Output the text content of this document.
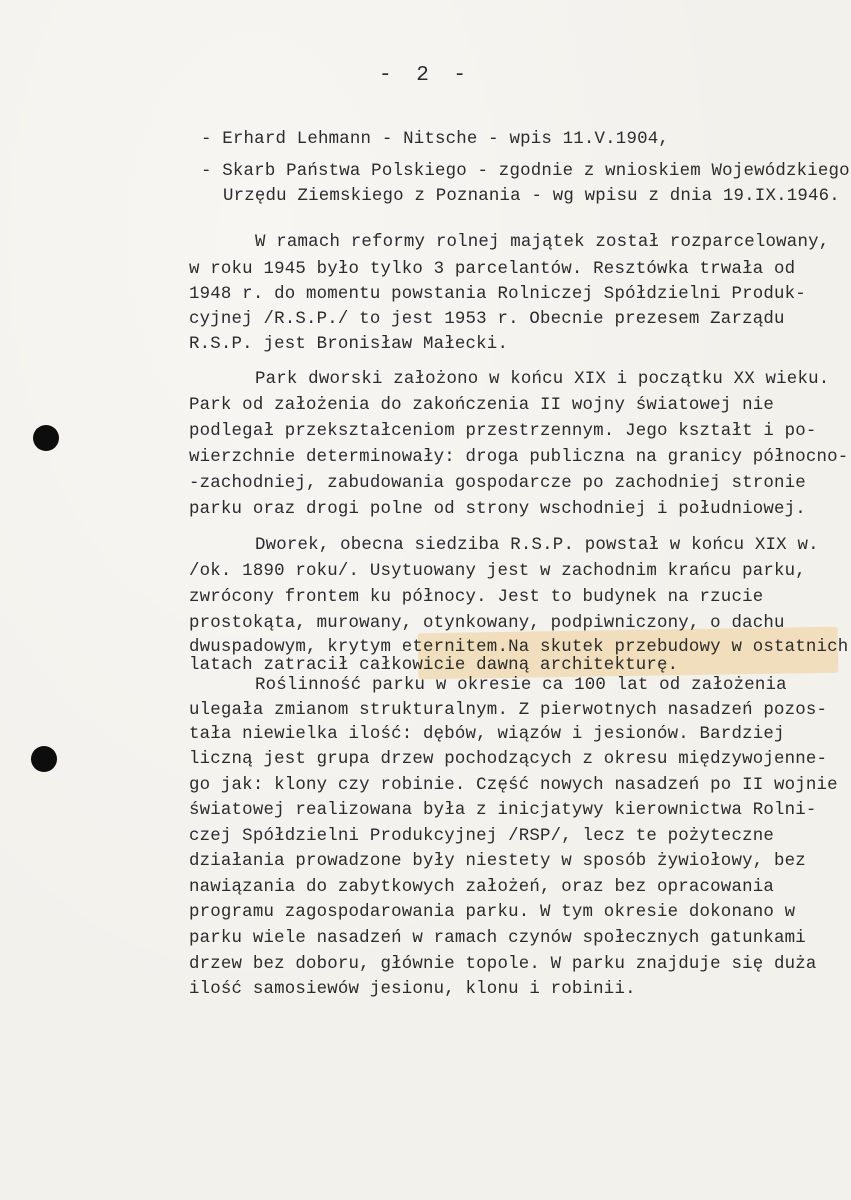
- 2 -
- Erhard Lehmann - Nitsche - wpis 11.V.1904,
- Skarb Państwa Polskiego - zgodnie z wnioskiem Wojewódzkiego
Urzędu Ziemskiego z Poznania - wg wpisu z dnia 19.IX.1946.
W ramach reformy rolnej majątek został rozparcelowany,
w roku 1945 było tylko 3 parcelantów. Resztówka trwała od
1948 r. do momentu powstania Rolniczej Spółdzielni Produk-
cyjnej /R.S.P./ to jest 1953 r. Obecnie prezesem Zarządu
R.S.P. jest Bronisław Małecki.
Park dworski założono w końcu XIX i początku XX wieku.
Park od założenia do zakończenia II wojny światowej nie
podlegał przekształceniom przestrzennym. Jego kształt i po-
wierzchnie determinowały: droga publiczna na granicy północno-
-zachodniej, zabudowania gospodarcze po zachodniej stronie
parku oraz drogi polne od strony wschodniej i południowej.
Dworek, obecna siedziba R.S.P. powstał w końcu XIX w.
/ok. 1890 roku/. Usytuowany jest w zachodnim krańcu parku,
zwrócony frontem ku północy. Jest to budynek na rzucie
prostokąta, murowany, otynkowany, podpiwniczony, o dachu
dwuspadowym, krytym eternitem.Na skutek przebudowy w ostatnich
latach zatracił całkowicie dawną architekturę.
Roślinność parku w okresie ca 100 lat od założenia
ulegała zmianom strukturalnym. Z pierwotnych nasadzeń pozos-
tała niewielka ilość: dębów, wiązów i jesionów. Bardziej
liczną jest grupa drzew pochodzących z okresu międzywojenne-
go jak: klony czy robinie. Część nowych nasadzeń po II wojnie
światowej realizowana była z inicjatywy kierownictwa Rolni-
czej Spółdzielni Produkcyjnej /RSP/, lecz te pożyteczne
działania prowadzone były niestety w sposób żywiołowy, bez
nawiązania do zabytkowych założeń, oraz bez opracowania
programu zagospodarowania parku. W tym okresie dokonano w
parku wiele nasadzeń w ramach czynów społecznych gatunkami
drzew bez doboru, głównie topole. W parku znajduje się duża
ilość samosiewów jesionu, klonu i robinii.
